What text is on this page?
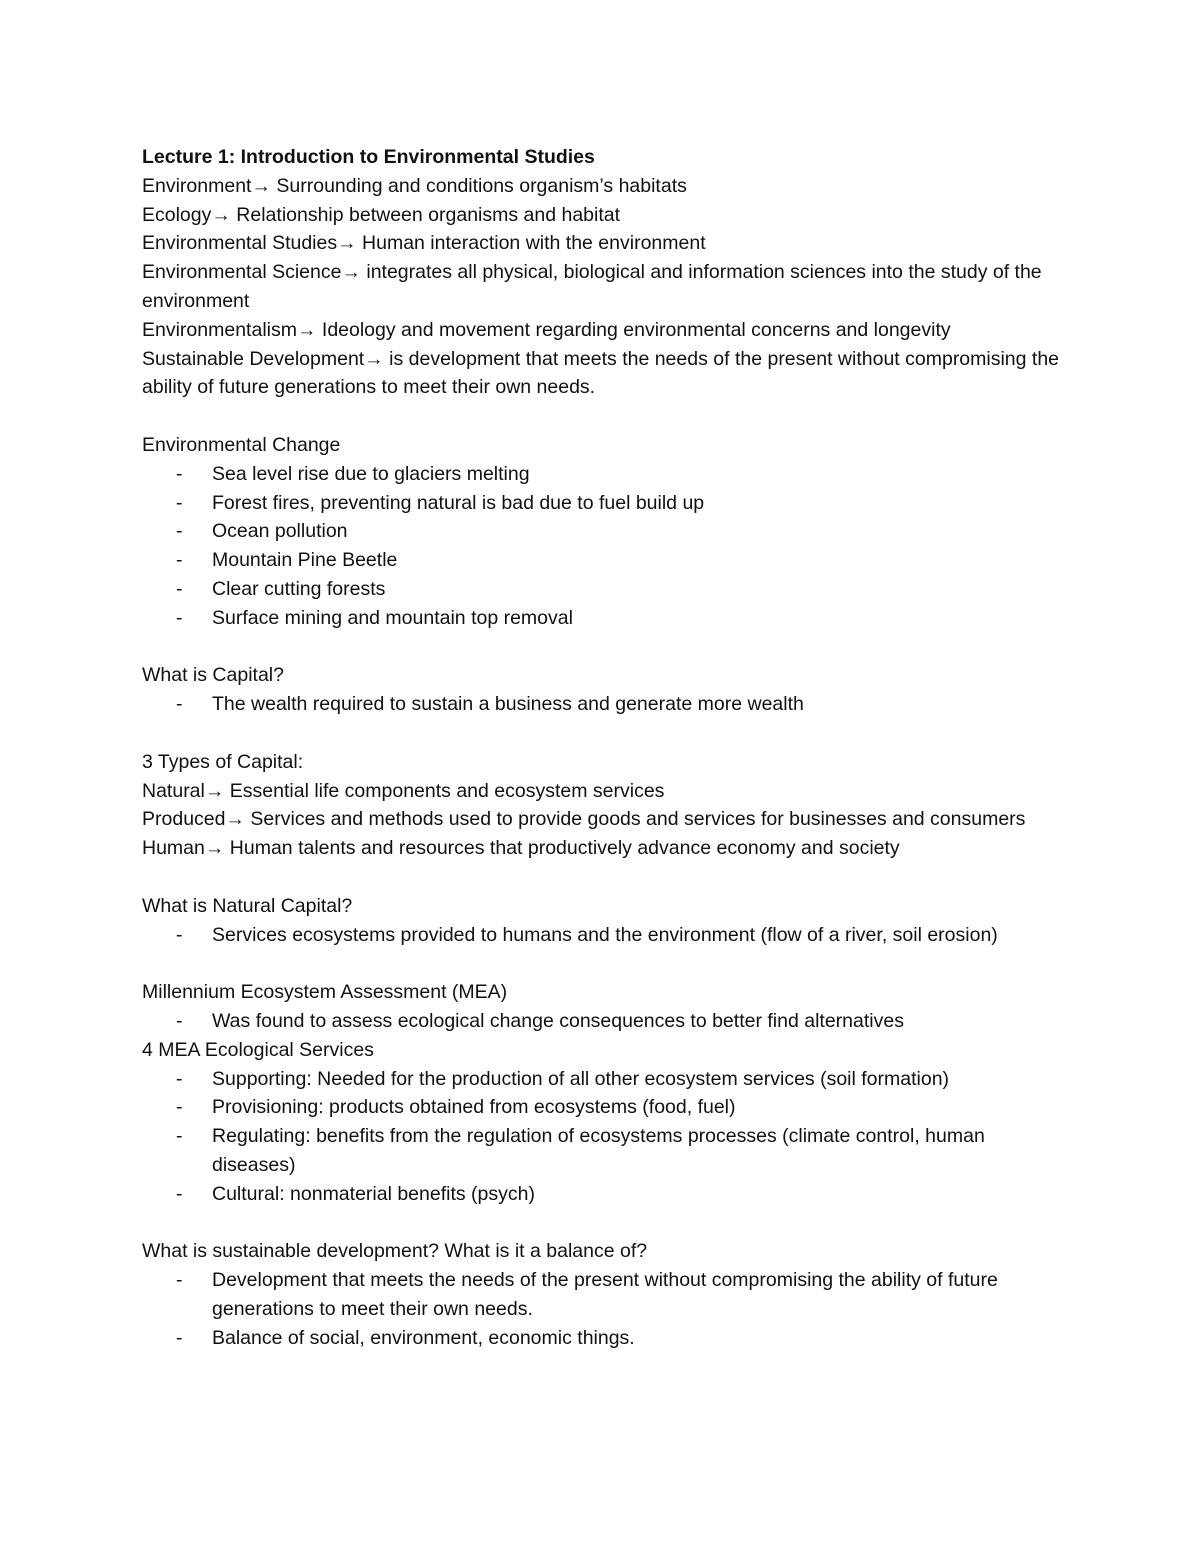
Lecture 1: Introduction to Environmental Studies

Environment→ Surrounding and conditions organism’s habitats

Ecology→ Relationship between organisms and habitat

Environmental Studies→ Human interaction with the environment

Environmental Science→ integrates all physical, biological and information sciences into the study of the environment

Environmentalism→ Ideology and movement regarding environmental concerns and longevity

Sustainable Development→ is development that meets the needs of the present without compromising the ability of future generations to meet their own needs.

Environmental Change

- Sea level rise due to glaciers melting
- Forest fires, preventing natural is bad due to fuel build up
- Ocean pollution
- Mountain Pine Beetle
- Clear cutting forests
- Surface mining and mountain top removal

What is Capital?

- The wealth required to sustain a business and generate more wealth

3 Types of Capital:

Natural→ Essential life components and ecosystem services

Produced→ Services and methods used to provide goods and services for businesses and consumers

Human→ Human talents and resources that productively advance economy and society

What is Natural Capital?

- Services ecosystems provided to humans and the environment (flow of a river, soil erosion)

Millennium Ecosystem Assessment (MEA)

- Was found to assess ecological change consequences to better find alternatives

4 MEA Ecological Services

- Supporting: Needed for the production of all other ecosystem services (soil formation)
- Provisioning: products obtained from ecosystems (food, fuel)
- Regulating: benefits from the regulation of ecosystems processes (climate control, human diseases)
- Cultural: nonmaterial benefits (psych)

What is sustainable development? What is it a balance of?

- Development that meets the needs of the present without compromising the ability of future generations to meet their own needs.
- Balance of social, environment, economic things.
